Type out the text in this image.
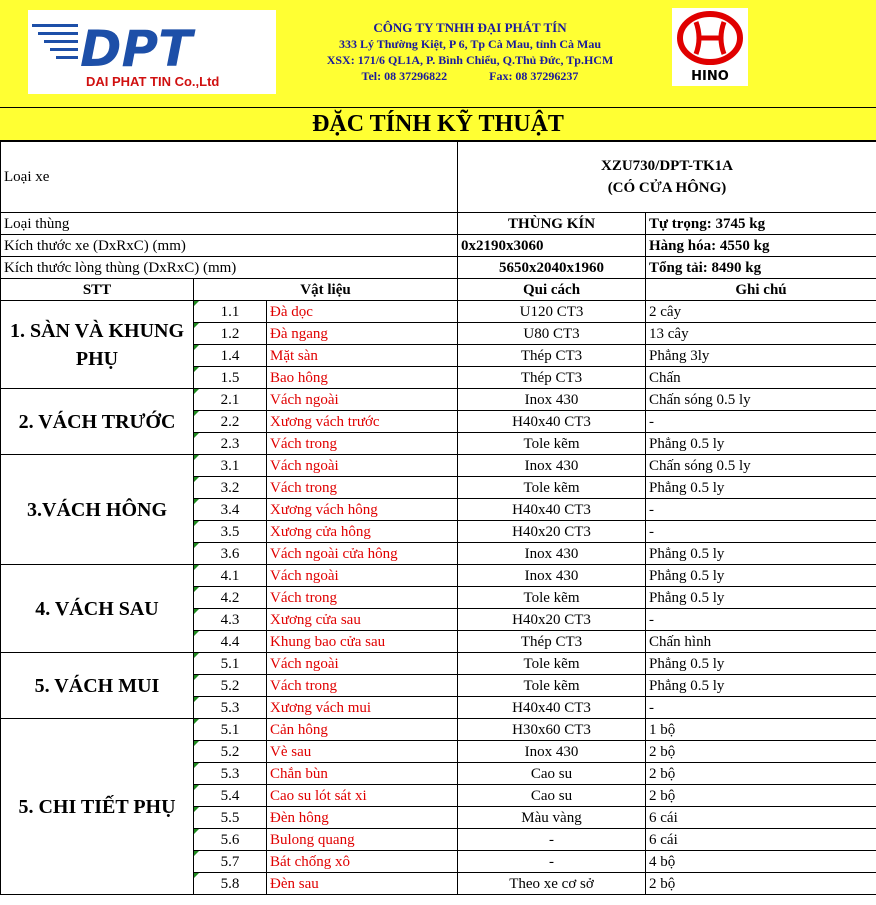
DPT
DAI PHAT TIN Co.,Ltd
CÔNG TY TNHH ĐẠI PHÁT TÍN
333 Lý Thường Kiệt, P 6, Tp Cà Mau, tỉnh Cà Mau
XSX: 171/6 QL1A, P. Bình Chiểu, Q.Thủ Đức, Tp.HCM
Tel: 08 37296822	Fax: 08 37296237	HINO
ĐẶC TÍNH KỸ THUẬT
Loại xe			XZU730/DPT-TK1A
(CÓ CỬA HÔNG)	

Loại thùng			THÙNG KÍN	Tự trọng: 3745 kg
Kích thước xe (DxRxC) (mm)			0x2190x3060	Hàng hóa: 4550 kg
Kích thước lòng thùng (DxRxC) (mm)			5650x2040x1960	Tổng tải: 8490 kg
STT	Vật liệu		Qui cách	Ghi chú
1. SÀN VÀ KHUNG PHỤ	1.1	Đà dọc	U120 CT3	2 cây
	1.2	Đà ngang	U80 CT3	13 cây
	1.4	Mặt sàn	Thép CT3	Phẳng 3ly
	1.5	Bao hông	Thép CT3	Chấn
2. VÁCH TRƯỚC	2.1	Vách ngoài	Inox 430	Chấn sóng 0.5 ly
	2.2	Xương vách trước	H40x40 CT3	-
	2.3	Vách trong	Tole kẽm	Phẳng 0.5 ly
3.VÁCH HÔNG	3.1	Vách ngoài	Inox 430	Chấn sóng 0.5 ly
	3.2	Vách trong	Tole kẽm	Phẳng 0.5 ly
	3.4	Xương vách hông	H40x40 CT3	-
	3.5	Xương cửa hông	H40x20 CT3	-
	3.6	Vách ngoài cửa hông	Inox 430	Phẳng 0.5 ly
4. VÁCH SAU	4.1	Vách ngoài	Inox 430	Phẳng 0.5 ly
	4.2	Vách trong	Tole kẽm	Phẳng 0.5 ly
	4.3	Xương cửa sau	H40x20 CT3	-
	4.4	Khung bao cửa sau	Thép CT3	Chấn hình
5. VÁCH MUI	5.1	Vách ngoài	Tole kẽm	Phẳng 0.5 ly
	5.2	Vách trong	Tole kẽm	Phẳng 0.5 ly
	5.3	Xương vách mui	H40x40 CT3	-
5. CHI TIẾT PHỤ	5.1	Cản hông	H30x60 CT3	1 bộ
	5.2	Vè sau	Inox 430	2 bộ
	5.3	Chắn bùn	Cao su	2 bộ
	5.4	Cao su lót sát xi	Cao su	2 bộ
	5.5	Đèn hông	Màu vàng	6 cái
	5.6	Bulong quang	-	6 cái
	5.7	Bát chống xô	-	4 bộ
	5.8	Đèn sau	Theo xe cơ sở	2 bộ
